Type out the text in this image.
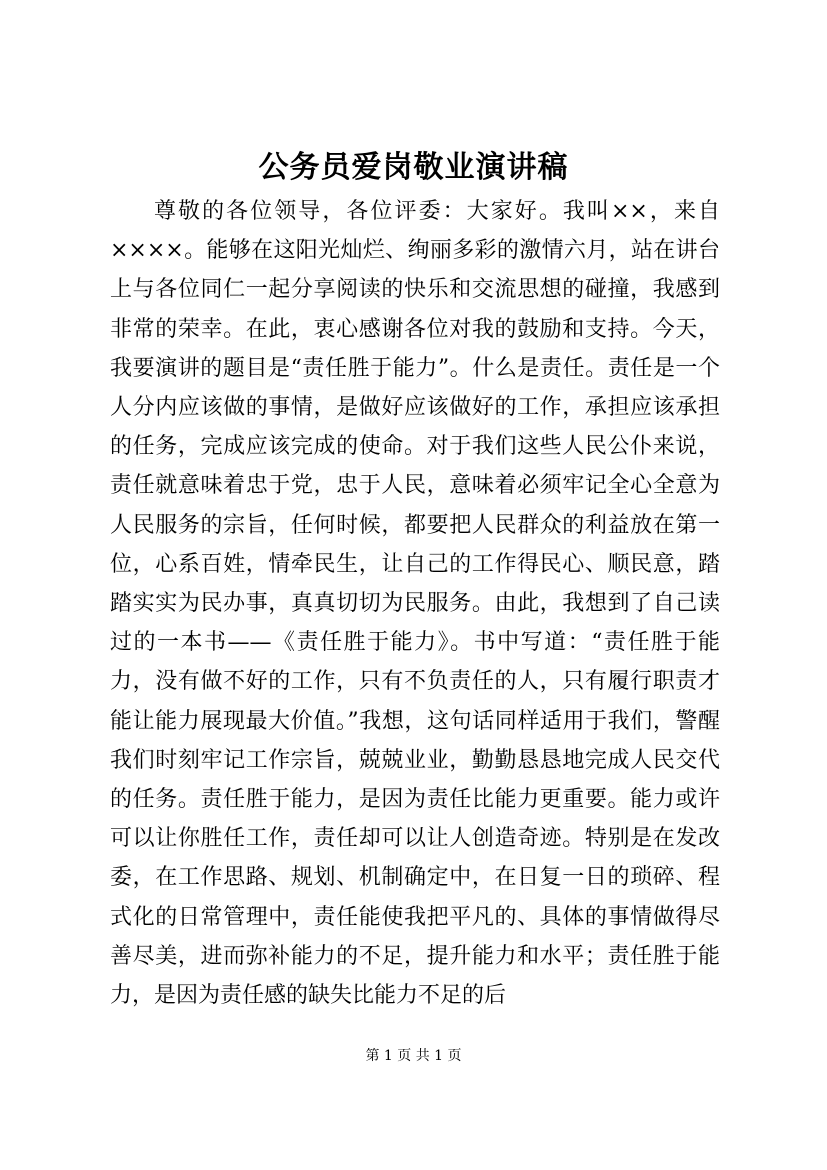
公务员爱岗敬业演讲稿

尊敬的各位领导，各位评委：大家好。我叫××，来自××××。能够在这阳光灿烂、绚丽多彩的激情六月，站在讲台上与各位同仁一起分享阅读的快乐和交流思想的碰撞，我感到非常的荣幸。在此，衷心感谢各位对我的鼓励和支持。今天，我要演讲的题目是“责任胜于能力”。什么是责任。责任是一个人分内应该做的事情，是做好应该做好的工作，承担应该承担的任务，完成应该完成的使命。对于我们这些人民公仆来说，责任就意味着忠于党，忠于人民，意味着必须牢记全心全意为人民服务的宗旨，任何时候，都要把人民群众的利益放在第一位，心系百姓，情牵民生，让自己的工作得民心、顺民意，踏踏实实为民办事，真真切切为民服务。由此，我想到了自己读过的一本书——《责任胜于能力》。书中写道：“责任胜于能力，没有做不好的工作，只有不负责任的人，只有履行职责才能让能力展现最大价值。”我想，这句话同样适用于我们，警醒我们时刻牢记工作宗旨，兢兢业业，勤勤恳恳地完成人民交代的任务。责任胜于能力，是因为责任比能力更重要。能力或许可以让你胜任工作，责任却可以让人创造奇迹。特别是在发改委，在工作思路、规划、机制确定中，在日复一日的琐碎、程式化的日常管理中，责任能使我把平凡的、具体的事情做得尽善尽美，进而弥补能力的不足，提升能力和水平；责任胜于能力，是因为责任感的缺失比能力不足的后

第 1 页 共 1 页
